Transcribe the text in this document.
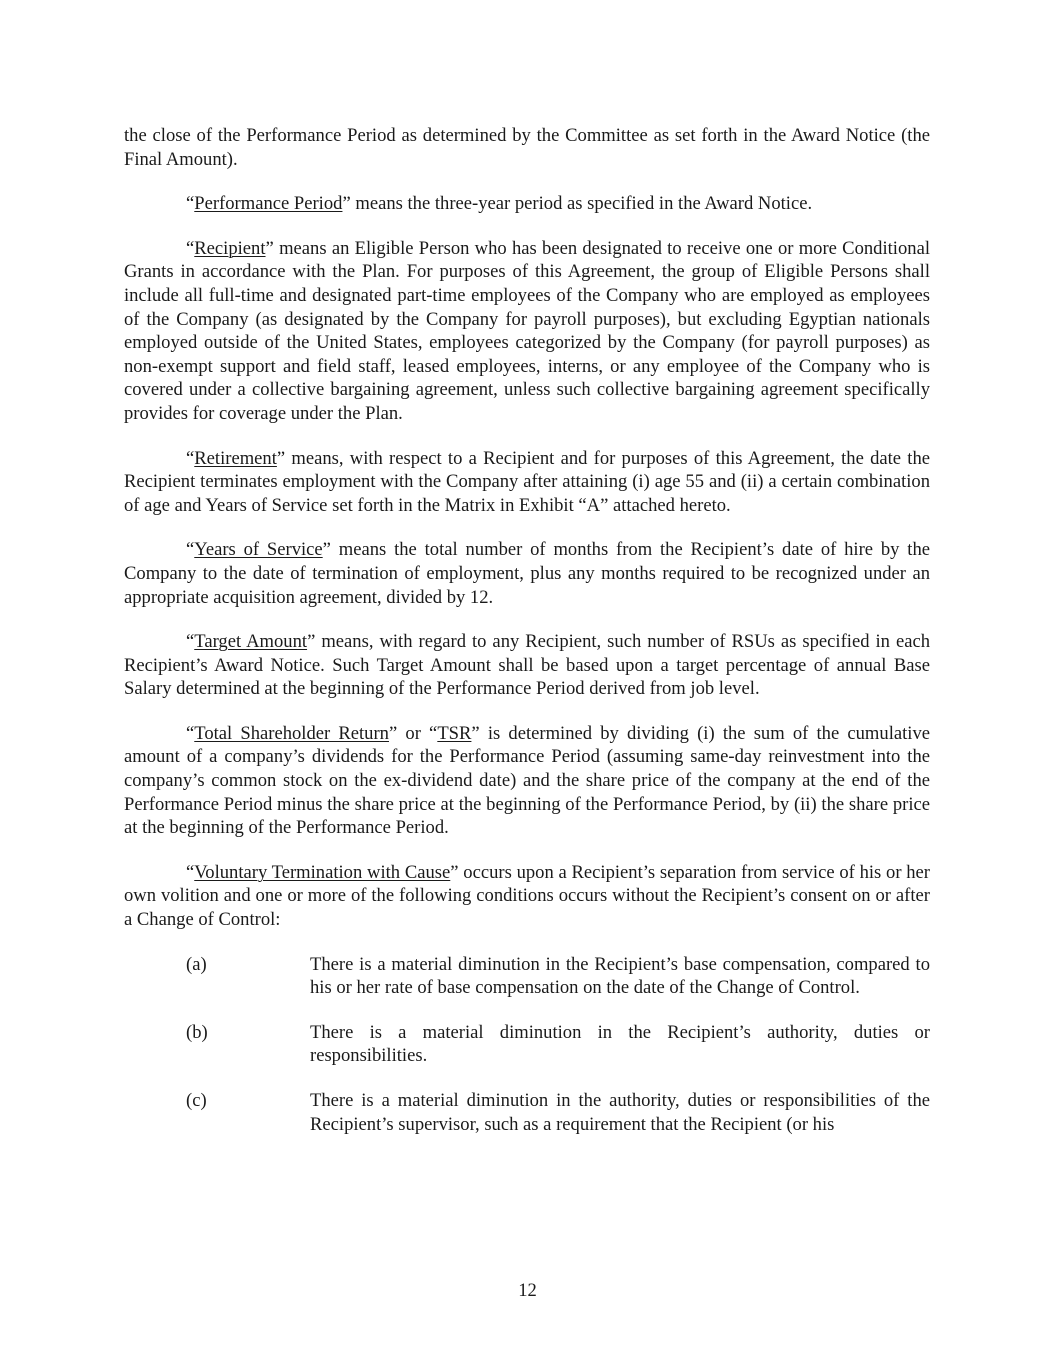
the close of the Performance Period as determined by the Committee as set forth in the Award Notice (the Final Amount).

“Performance Period” means the three-year period as specified in the Award Notice.

“Recipient” means an Eligible Person who has been designated to receive one or more Conditional Grants in accordance with the Plan. For purposes of this Agreement, the group of Eligible Persons shall include all full-time and designated part-time employees of the Company who are employed as employees of the Company (as designated by the Company for payroll purposes), but excluding Egyptian nationals employed outside of the United States, employees categorized by the Company (for payroll purposes) as non-exempt support and field staff, leased employees, interns, or any employee of the Company who is covered under a collective bargaining agreement, unless such collective bargaining agreement specifically provides for coverage under the Plan.

“Retirement” means, with respect to a Recipient and for purposes of this Agreement, the date the Recipient terminates employment with the Company after attaining (i) age 55 and (ii) a certain combination of age and Years of Service set forth in the Matrix in Exhibit “A” attached hereto.

“Years of Service” means the total number of months from the Recipient’s date of hire by the Company to the date of termination of employment, plus any months required to be recognized under an appropriate acquisition agreement, divided by 12.

“Target Amount” means, with regard to any Recipient, such number of RSUs as specified in each Recipient’s Award Notice. Such Target Amount shall be based upon a target percentage of annual Base Salary determined at the beginning of the Performance Period derived from job level.

“Total Shareholder Return” or “TSR” is determined by dividing (i) the sum of the cumulative amount of a company’s dividends for the Performance Period (assuming same-day reinvestment into the company’s common stock on the ex-dividend date) and the share price of the company at the end of the Performance Period minus the share price at the beginning of the Performance Period, by (ii) the share price at the beginning of the Performance Period.

“Voluntary Termination with Cause” occurs upon a Recipient’s separation from service of his or her own volition and one or more of the following conditions occurs without the Recipient’s consent on or after a Change of Control:

(a)	There is a material diminution in the Recipient’s base compensation, compared to his or her rate of base compensation on the date of the Change of Control.
(b)	There is a material diminution in the Recipient’s authority, duties or responsibilities.
(c)	There is a material diminution in the authority, duties or responsibilities of the Recipient’s supervisor, such as a requirement that the Recipient (or his
12
